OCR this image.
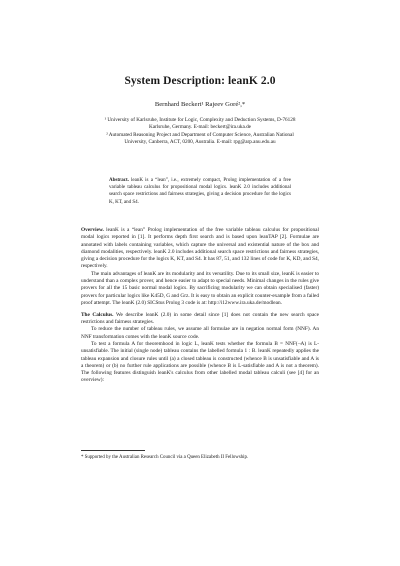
System Description: leanK 2.0
Bernhard Beckert¹ Rajeev Goré²,*

¹ University of Karlsruhe, Institute for Logic, Complexity and Deduction Systems, D-76128 Karlsruhe, Germany. E-mail: beckert@ira.uka.de

² Automated Reasoning Project and Department of Computer Science, Australian National University, Canberra, ACT, 0200, Australia. E-mail: rpg@arp.anu.edu.au

Abstract. leanK is a “lean”, i.e., extremely compact, Prolog implementation of a free variable tableau calculus for propositional modal logics. leanK 2.0 includes additional search space restrictions and fairness strategies, giving a decision procedure for the logics K, KT, and S4.

Overview. leanK is a “lean” Prolog implementation of the free variable tableau calculus for propositional modal logics reported in [1]. It performs depth first search and is based upon leanTAP [2]. Formulae are annotated with labels containing variables, which capture the universal and existential nature of the box and diamond modalities, respectively. leanK 2.0 includes additional search space restrictions and fairness strategies, giving a decision procedure for the logics K, KT, and S4. It has 87, 51, and 132 lines of code for K, KD, and S4, respectively.

The main advantages of leanK are its modularity and its versatility. Due to its small size, leanK is easier to understand than a complex prover, and hence easier to adapt to special needs. Minimal changes in the rules give provers for all the 15 basic normal modal logics. By sacrificing modularity we can obtain specialised (faster) provers for particular logics like K45D, G and Grz. It is easy to obtain an explicit counter-example from a failed proof attempt. The leanK (2.0) SICStus Prolog 3 code is at: http://i12www.ira.uka.de/modlean.

The Calculus. We describe leanK (2.0) in some detail since [1] does not contain the new search space restrictions and fairness strategies.

To reduce the number of tableau rules, we assume all formulae are in negation normal form (NNF). An NNF transformation comes with the leanK source code.

To test a formula A for theoremhood in logic L, leanK tests whether the formula B = NNF(¬A) is L-unsatisfiable. The initial (single node) tableau contains the labelled formula 1 : B. leanK repeatedly applies the tableau expansion and closure rules until (a) a closed tableau is constructed (whence B is unsatisfiable and A is a theorem) or (b) no further rule applications are possible (whence B is L-satisfiable and A is not a theorem). The following features distinguish leanK's calculus from other labelled modal tableau calculi (see [4] for an overview):

* Supported by the Australian Research Council via a Queen Elizabeth II Fellowship.
